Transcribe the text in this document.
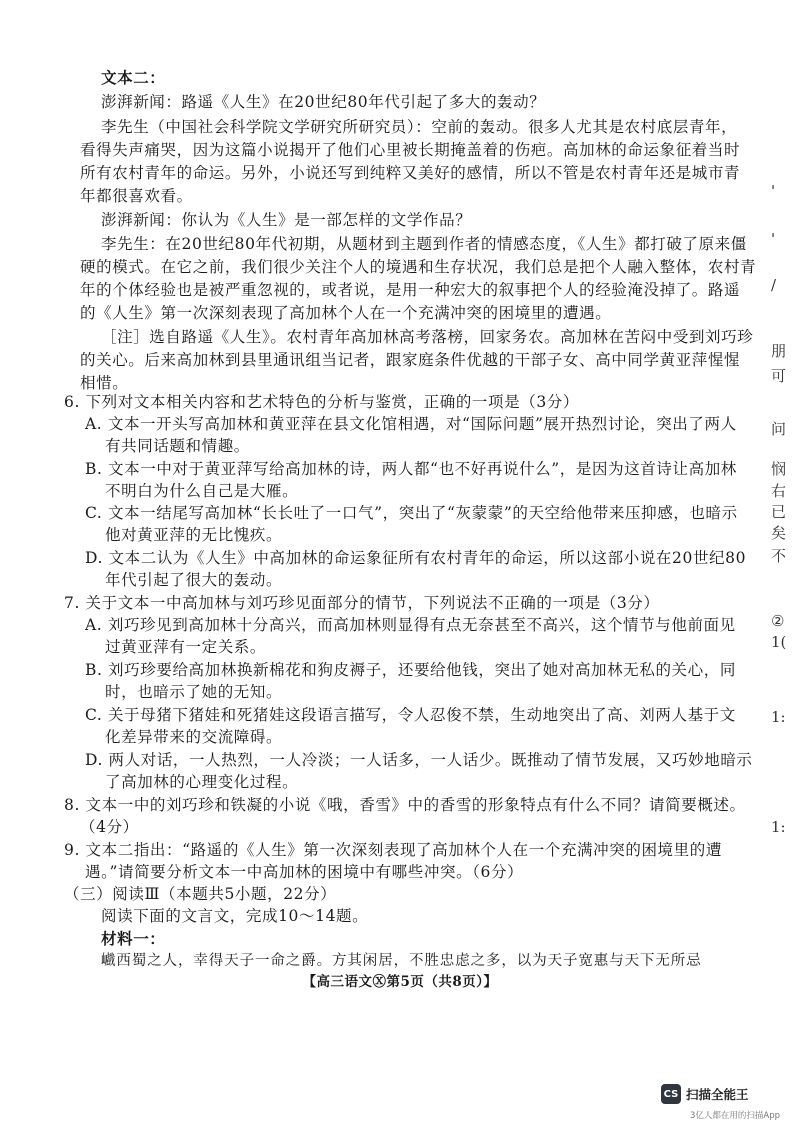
文本二：
澎湃新闻：路遥《人生》在20世纪80年代引起了多大的轰动？
李先生（中国社会科学院文学研究所研究员）：空前的轰动。很多人尤其是农村底层青年，
看得失声痛哭，因为这篇小说揭开了他们心里被长期掩盖着的伤疤。高加林的命运象征着当时
所有农村青年的命运。另外，小说还写到纯粹又美好的感情，所以不管是农村青年还是城市青
年都很喜欢看。
澎湃新闻：你认为《人生》是一部怎样的文学作品？
李先生：在20世纪80年代初期，从题材到主题到作者的情感态度，《人生》都打破了原来僵
硬的模式。在它之前，我们很少关注个人的境遇和生存状况，我们总是把个人融入整体，农村青
年的个体经验也是被严重忽视的，或者说，是用一种宏大的叙事把个人的经验淹没掉了。路遥
的《人生》第一次深刻表现了高加林个人在一个充满冲突的困境里的遭遇。
［注］选自路遥《人生》。农村青年高加林高考落榜，回家务农。高加林在苦闷中受到刘巧珍
的关心。后来高加林到县里通讯组当记者，跟家庭条件优越的干部子女、高中同学黄亚萍惺惺
相惜。
6. 下列对文本相关内容和艺术特色的分析与鉴赏，正确的一项是（3分）
A. 文本一开头写高加林和黄亚萍在县文化馆相遇，对“国际问题”展开热烈讨论，突出了两人
有共同话题和情趣。
B. 文本一中对于黄亚萍写给高加林的诗，两人都“也不好再说什么”，是因为这首诗让高加林
不明白为什么自己是大雁。
C. 文本一结尾写高加林“长长吐了一口气”，突出了“灰蒙蒙”的天空给他带来压抑感，也暗示
他对黄亚萍的无比愧疚。
D. 文本二认为《人生》中高加林的命运象征所有农村青年的命运，所以这部小说在20世纪80
年代引起了很大的轰动。
7. 关于文本一中高加林与刘巧珍见面部分的情节，下列说法不正确的一项是（3分）
A. 刘巧珍见到高加林十分高兴，而高加林则显得有点无奈甚至不高兴，这个情节与他前面见
过黄亚萍有一定关系。
B. 刘巧珍要给高加林换新棉花和狗皮褥子，还要给他钱，突出了她对高加林无私的关心，同
时，也暗示了她的无知。
C. 关于母猪下猪娃和死猪娃这段语言描写，令人忍俊不禁，生动地突出了高、刘两人基于文
化差异带来的交流障碍。
D. 两人对话，一人热烈，一人冷淡；一人话多，一人话少。既推动了情节发展，又巧妙地暗示
了高加林的心理变化过程。
8. 文本一中的刘巧珍和铁凝的小说《哦，香雪》中的香雪的形象特点有什么不同？请简要概述。
（4分）
9. 文本二指出：“路遥的《人生》第一次深刻表现了高加林个人在一个充满冲突的困境里的遭
遇。”请简要分析文本一中高加林的困境中有哪些冲突。（6分）
（三）阅读Ⅲ（本题共5小题，22分）
阅读下面的文言文，完成10～14题。
材料一：
巇西蜀之人，幸得天子一命之爵。方其闲居，不胜忠虑之多，以为天子宽惠与天下无所忌
【高三语文Ⓧ第5页（共8页）】
'
'
/
朋
可
问
悯
右
已
矣
不
②
1(
1:
1:
CS 扫描全能王
3亿人都在用的扫描App
